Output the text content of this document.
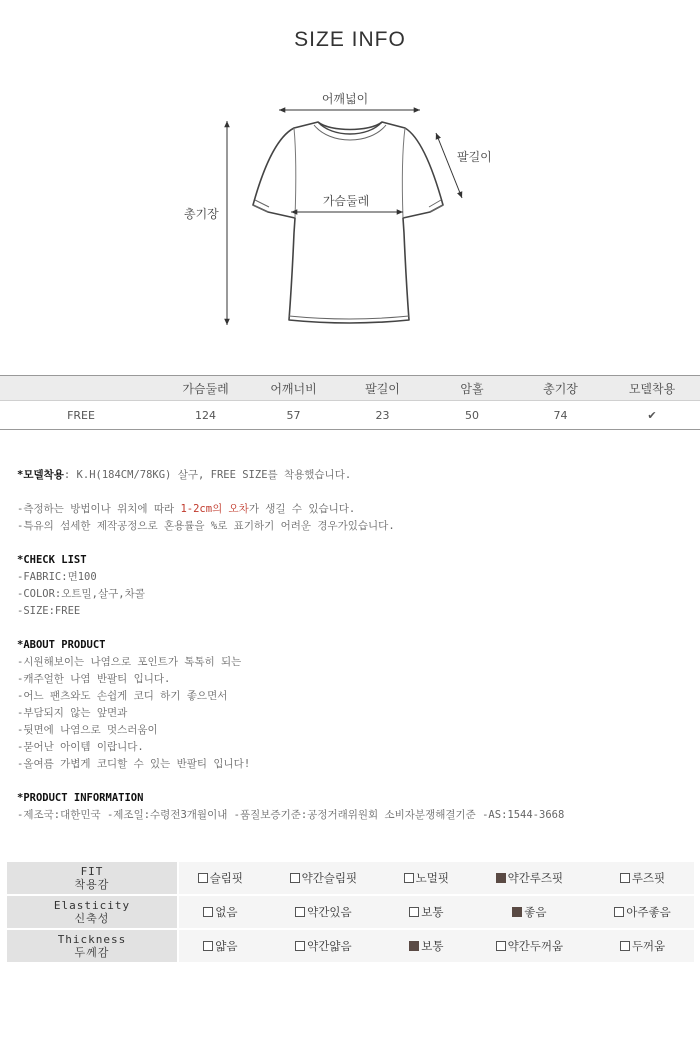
SIZE INFO
어깨넓이
팔길이
가슴둘레
총기장
	가슴둘레	어깨너비	팔길이	암홀	총기장	모델착용
FREE	124	57	23	50	74	✔
*모델착용: K.H(184CM/78KG) 살구, FREE SIZE를 착용했습니다.
-측정하는 방법이나 위치에 따라 1-2cm의 오차가 생길 수 있습니다.
-특유의 섬세한 제작공정으로 혼용률을 %로 표기하기 어려운 경우가있습니다.
*CHECK LIST
-FABRIC:면100
-COLOR:오트밀,살구,차콜
-SIZE:FREE
*ABOUT PRODUCT
-시원해보이는 나염으로 포인트가 톡톡히 되는
-캐주얼한 나염 반팔티 입니다.
-어느 팬츠와도 손쉽게 코디 하기 좋으면서
-부담되지 않는 앞면과
-뒷면에 나염으로 멋스러움이
-묻어난 아이템 이랍니다.
-올여름 가볍게 코디할 수 있는 반팔티 입니다!
*PRODUCT INFORMATION
-제조국:대한민국 -제조일:수령전3개월이내 -품질보증기준:공정거래위원회 소비자분쟁해결기준 -AS:1544-3668
FIT
착용감	슬림핏	약간슬림핏	노멀핏	약간루즈핏	루즈핏
Elasticity
신축성	없음	약간있음	보통	좋음	아주좋음
Thickness
두께감	얇음	약간얇음	보통	약간두꺼움	두꺼움
